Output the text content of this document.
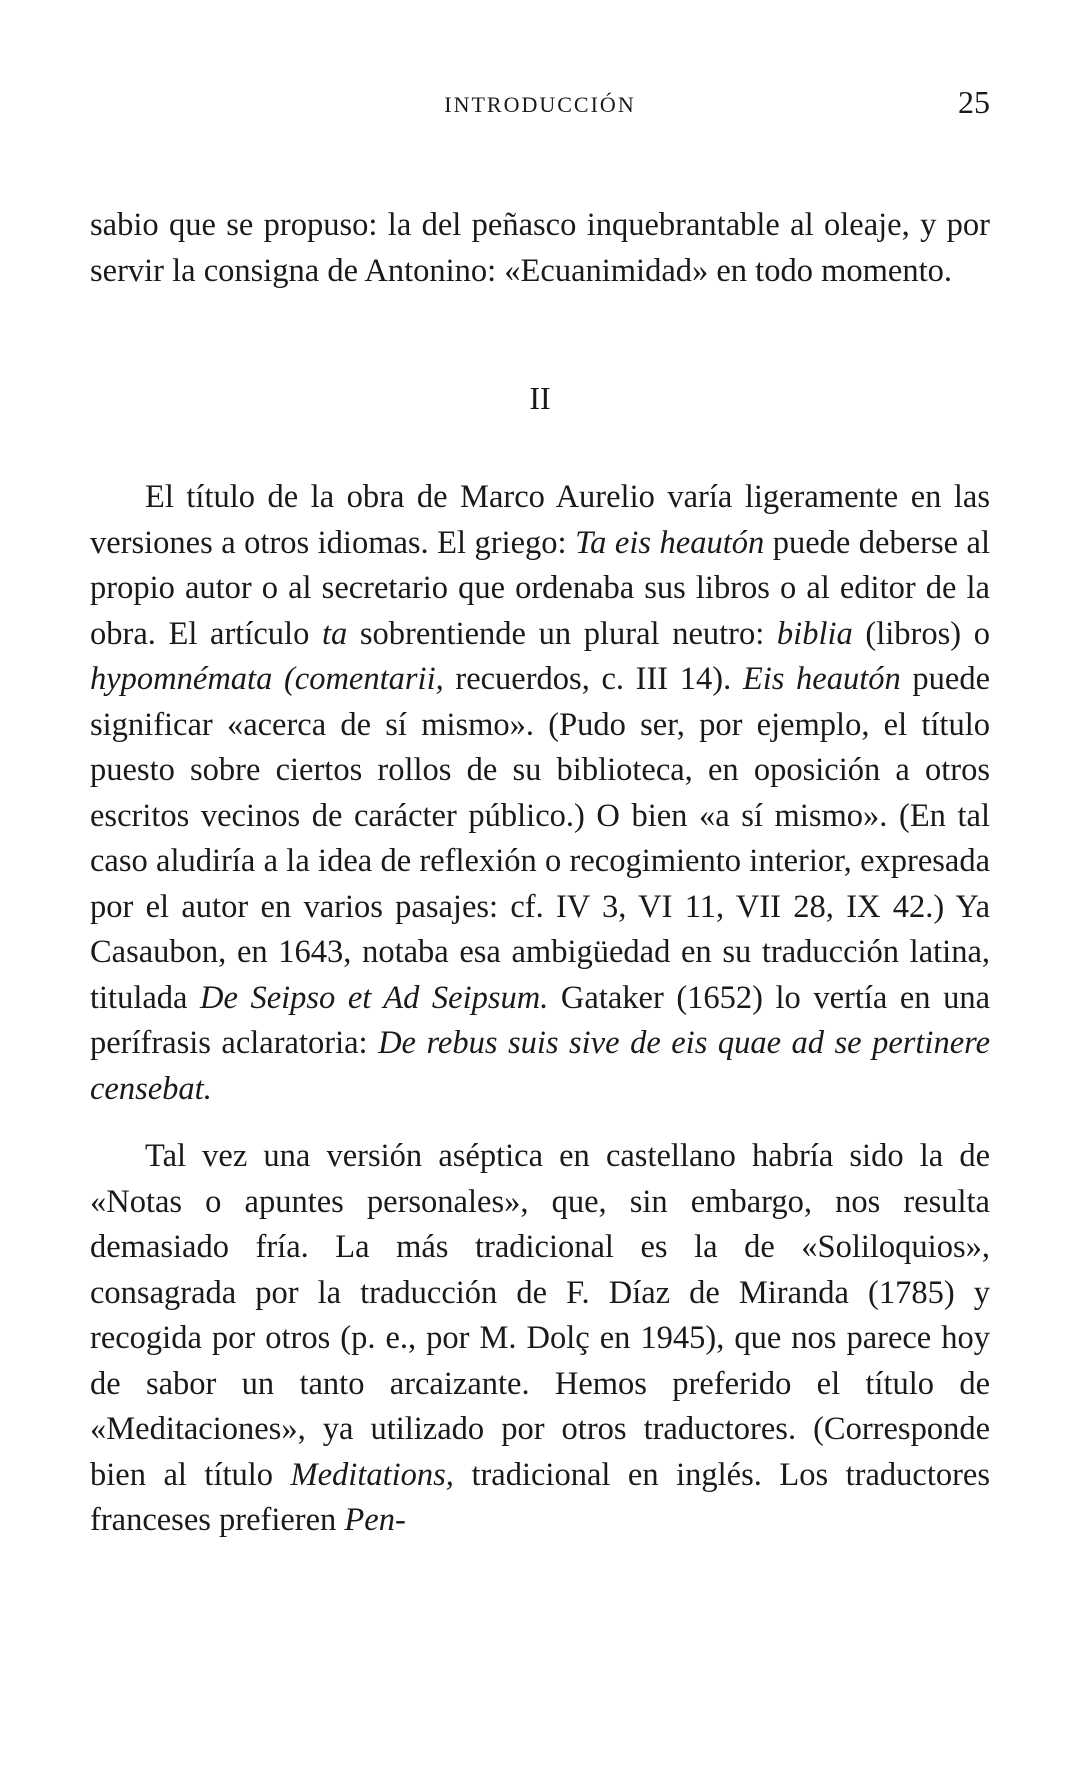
INTRODUCCIÓN	25

sabio que se propuso: la del peñasco inquebrantable al oleaje, y por servir la consigna de Antonino: «Ecuanimidad» en todo momento.

II

El título de la obra de Marco Aurelio varía ligeramente en las versiones a otros idiomas. El griego: Ta eis heautón puede deberse al propio autor o al secretario que ordenaba sus libros o al editor de la obra. El artículo ta sobrentiende un plural neutro: biblia (libros) o hypomnémata (comentarii, recuerdos, c. III 14). Eis heautón puede significar «acerca de sí mismo». (Pudo ser, por ejemplo, el título puesto sobre ciertos rollos de su biblioteca, en oposición a otros escritos vecinos de carácter público.) O bien «a sí mismo». (En tal caso aludiría a la idea de reflexión o recogimiento interior, expresada por el autor en varios pasajes: cf. IV 3, VI 11, VII 28, IX 42.) Ya Casaubon, en 1643, notaba esa ambigüedad en su traducción latina, titulada De Seipso et Ad Seipsum. Gataker (1652) lo vertía en una perífrasis aclaratoria: De rebus suis sive de eis quae ad se pertinere censebat.

Tal vez una versión aséptica en castellano habría sido la de «Notas o apuntes personales», que, sin embargo, nos resulta demasiado fría. La más tradicional es la de «Soliloquios», consagrada por la traducción de F. Díaz de Miranda (1785) y recogida por otros (p. e., por M. Dolç en 1945), que nos parece hoy de sabor un tanto arcaizante. Hemos preferido el título de «Meditaciones», ya utilizado por otros traductores. (Corresponde bien al título Meditations, tradicional en inglés. Los traductores franceses prefieren Pen-
